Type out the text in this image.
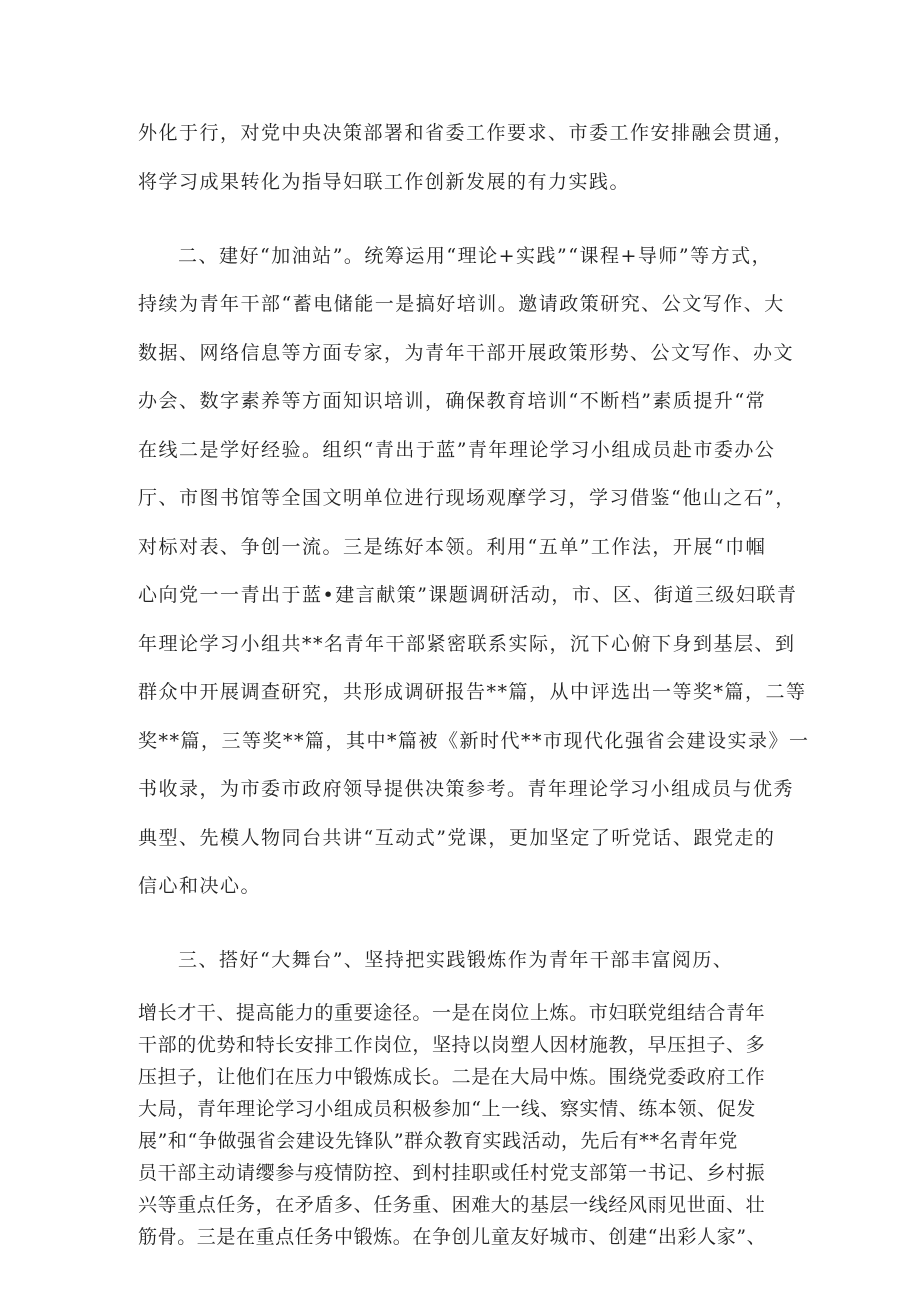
外化于行，对党中央决策部署和省委工作要求、市委工作安排融会贯通，
将学习成果转化为指导妇联工作创新发展的有力实践。
二、建好“加油站”。统筹运用“理论+实践”“课程+导师”等方式，
持续为青年干部“蓄电储能一是搞好培训。邀请政策研究、公文写作、大
数据、网络信息等方面专家，为青年干部开展政策形势、公文写作、办文
办会、数字素养等方面知识培训，确保教育培训“不断档”素质提升“常
在线二是学好经验。组织“青出于蓝”青年理论学习小组成员赴市委办公
厅、市图书馆等全国文明单位进行现场观摩学习，学习借鉴“他山之石”，
对标对表、争创一流。三是练好本领。利用“五单”工作法，开展“巾帼
心向党一一青出于蓝•建言献策”课题调研活动，市、区、街道三级妇联青
年理论学习小组共**名青年干部紧密联系实际，沉下心俯下身到基层、到
群众中开展调查研究，共形成调研报告**篇，从中评选出一等奖*篇，二等
奖**篇，三等奖**篇，其中*篇被《新时代**市现代化强省会建设实录》一
书收录，为市委市政府领导提供决策参考。青年理论学习小组成员与优秀
典型、先模人物同台共讲“互动式”党课，更加坚定了听党话、跟党走的
信心和决心。
三、搭好“大舞台”、坚持把实践锻炼作为青年干部丰富阅历、
增长才干、提高能力的重要途径。一是在岗位上炼。市妇联党组结合青年
干部的优势和特长安排工作岗位，坚持以岗塑人因材施教，早压担子、多
压担子，让他们在压力中锻炼成长。二是在大局中炼。围绕党委政府工作
大局，青年理论学习小组成员积极参加“上一线、察实情、练本领、促发
展”和“争做强省会建设先锋队”群众教育实践活动，先后有**名青年党
员干部主动请缨参与疫情防控、到村挂职或任村党支部第一书记、乡村振
兴等重点任务，在矛盾多、任务重、困难大的基层一线经风雨见世面、壮
筋骨。三是在重点任务中锻炼。在争创儿童友好城市、创建“出彩人家”、
